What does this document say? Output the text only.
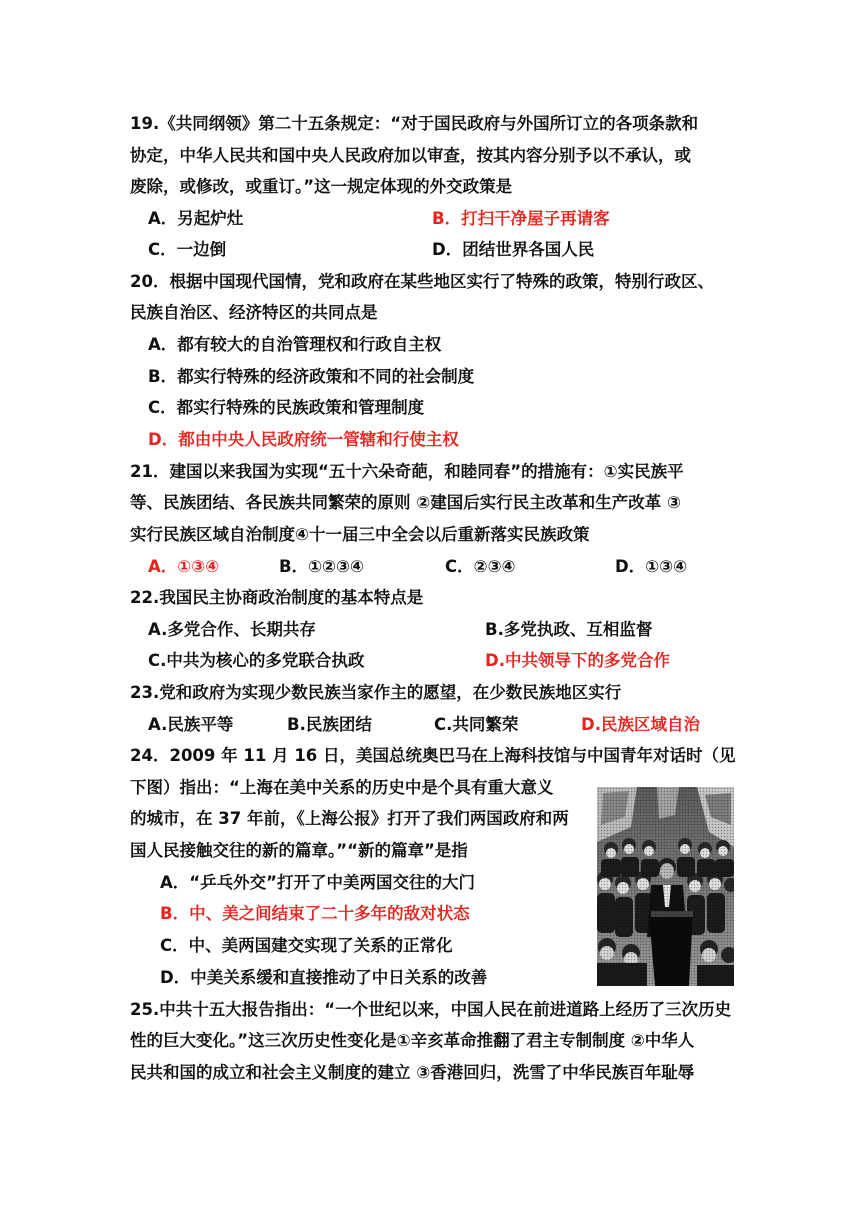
19.《共同纲领》第二十五条规定：“对于国民政府与外国所订立的各项条款和
协定，中华人民共和国中央人民政府加以审查，按其内容分别予以不承认，或
废除，或修改，或重订。”这一规定体现的外交政策是
A．另起炉灶	B．打扫干净屋子再请客
C．一边倒	D．团结世界各国人民
20．根据中国现代国情，党和政府在某些地区实行了特殊的政策，特别行政区、
民族自治区、经济特区的共同点是
A．都有较大的自治管理权和行政自主权
B．都实行特殊的经济政策和不同的社会制度
C．都实行特殊的民族政策和管理制度
D．都由中央人民政府统一管辖和行使主权
21．建国以来我国为实现“五十六朵奇葩，和睦同春”的措施有：①实民族平
等、民族团结、各民族共同繁荣的原则 ②建国后实行民主改革和生产改革 ③
实行民族区域自治制度④十一届三中全会以后重新落实民族政策
A．①③④	B．①②③④	C．②③④	D．①③④
22.我国民主协商政治制度的基本特点是
A.多党合作、长期共存	B.多党执政、互相监督
C.中共为核心的多党联合执政	D.中共领导下的多党合作
23.党和政府为实现少数民族当家作主的愿望，在少数民族地区实行
A.民族平等	B.民族团结	C.共同繁荣	D.民族区域自治
24．2009 年 11 月 16 日，美国总统奥巴马在上海科技馆与中国青年对话时（见
下图）指出：“上海在美中关系的历史中是个具有重大意义
的城市，在 37 年前，《上海公报》打开了我们两国政府和两
国人民接触交往的新的篇章。”“新的篇章”是指
A．“乒乓外交”打开了中美两国交往的大门
B．中、美之间结束了二十多年的敌对状态
C．中、美两国建交实现了关系的正常化
D．中美关系缓和直接推动了中日关系的改善
25.中共十五大报告指出：“一个世纪以来，中国人民在前进道路上经历了三次历史
性的巨大变化。”这三次历史性变化是①辛亥革命推翻了君主专制制度 ②中华人
民共和国的成立和社会主义制度的建立 ③香港回归，洗雪了中华民族百年耻辱
